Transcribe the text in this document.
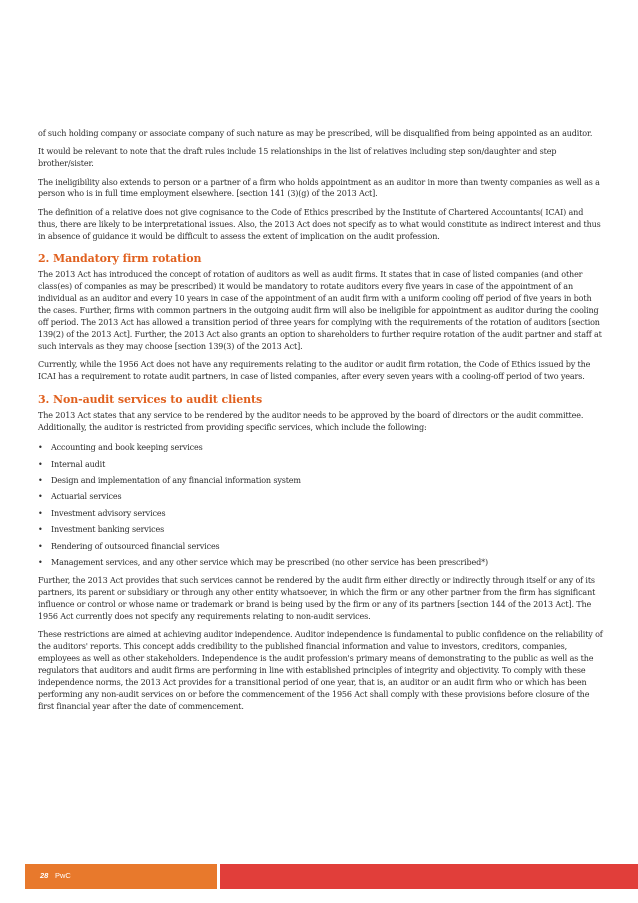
of such holding company or associate company of such nature as may be prescribed, will be disqualified from being appointed as an auditor.

It would be relevant to note that the draft rules include 15 relationships in the list of relatives including step son/daughter and step brother/sister.

The ineligibility also extends to person or a partner of a firm who holds appointment as an auditor in more than twenty companies as well as a person who is in full time employment elsewhere. [section 141 (3)(g) of the 2013 Act].

The definition of a relative does not give cognisance to the Code of Ethics prescribed by the Institute of Chartered Accountants( ICAI) and thus, there are likely to be interpretational issues. Also, the 2013 Act does not specify as to what would constitute as indirect interest and thus in absence of guidance it would be difficult to assess the extent of implication on the audit profession.

2. Mandatory firm rotation

The 2013 Act has introduced the concept of rotation of auditors as well as audit firms. It states that in case of listed companies (and other class(es) of companies as may be prescribed) it would be mandatory to rotate auditors every five years in case of the appointment of an individual as an auditor and every 10 years in case of the appointment of an audit firm with a uniform cooling off period of five years in both the cases. Further, firms with common partners in the outgoing audit firm will also be ineligible for appointment as auditor during the cooling off period. The 2013 Act has allowed a transition period of three years for complying with the requirements of the rotation of auditors [section 139(2) of the 2013 Act]. Further, the 2013 Act also grants an option to shareholders to further require rotation of the audit partner and staff at such intervals as they may choose [section 139(3) of the 2013 Act].

Currently, while the 1956 Act does not have any requirements relating to the auditor or audit firm rotation, the Code of Ethics issued by the ICAI has a requirement to rotate audit partners, in case of listed companies, after every seven years with a cooling-off period of two years.

3. Non-audit services to audit clients

The 2013 Act states that any service to be rendered by the auditor needs to be approved by the board of directors or the audit committee. Additionally, the auditor is restricted from providing specific services, which include the following:

• Accounting and book keeping services
• Internal audit
• Design and implementation of any financial information system
• Actuarial services
• Investment advisory services
• Investment banking services
• Rendering of outsourced financial services
• Management services, and any other service which may be prescribed (no other service has been prescribed*)

Further, the 2013 Act provides that such services cannot be rendered by the audit firm either directly or indirectly through itself or any of its partners, its parent or subsidiary or through any other entity whatsoever, in which the firm or any other partner from the firm has significant influence or control or whose name or trademark or brand is being used by the firm or any of its partners [section 144 of the 2013 Act]. The 1956 Act currently does not specify any requirements relating to non-audit services.

These restrictions are aimed at achieving auditor independence. Auditor independence is fundamental to public confidence on the reliability of the auditors' reports. This concept adds credibility to the published financial information and value to investors, creditors, companies, employees as well as other stakeholders. Independence is the audit profession's primary means of demonstrating to the public as well as the regulators that auditors and audit firms are performing in line with established principles of integrity and objectivity. To comply with these independence norms, the 2013 Act provides for a transitional period of one year, that is, an auditor or an audit firm who or which has been performing any non-audit services on or before the commencement of the 1956 Act shall comply with these provisions before closure of the first financial year after the date of commencement.

28 PwC
